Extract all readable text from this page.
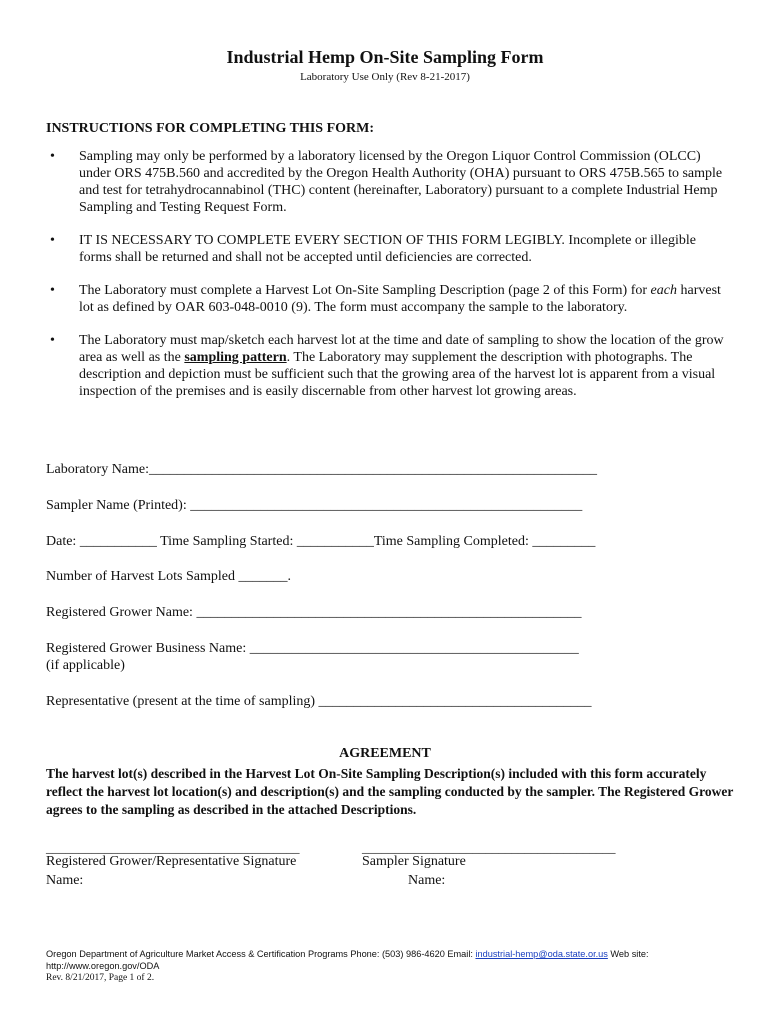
Industrial Hemp On-Site Sampling Form
Laboratory Use Only (Rev 8-21-2017)
INSTRUCTIONS FOR COMPLETING THIS FORM:
•	Sampling may only be performed by a laboratory licensed by the Oregon Liquor Control Commission (OLCC) under ORS 475B.560 and accredited by the Oregon Health Authority (OHA) pursuant to ORS 475B.565 to sample and test for tetrahydrocannabinol (THC) content (hereinafter, Laboratory) pursuant to a complete Industrial Hemp Sampling and Testing Request Form.
•	IT IS NECESSARY TO COMPLETE EVERY SECTION OF THIS FORM LEGIBLY. Incomplete or illegible forms shall be returned and shall not be accepted until deficiencies are corrected.
•	The Laboratory must complete a Harvest Lot On-Site Sampling Description (page 2 of this Form) for each harvest lot as defined by OAR 603-048-0010 (9). The form must accompany the sample to the laboratory.
•	The Laboratory must map/sketch each harvest lot at the time and date of sampling to show the location of the grow area as well as the sampling pattern. The Laboratory may supplement the description with photographs. The description and depiction must be sufficient such that the growing area of the harvest lot is apparent from a visual inspection of the premises and is easily discernable from other harvest lot growing areas.
Laboratory Name:________________________________________________________________
Sampler Name (Printed): ________________________________________________________
Date: ___________ Time Sampling Started: ___________Time Sampling Completed: _________
Number of Harvest Lots Sampled _______.
Registered Grower Name: _______________________________________________________
Registered Grower Business Name: _______________________________________________
(if applicable)
Representative (present at the time of sampling) _______________________________________
AGREEMENT
The harvest lot(s) described in the Harvest Lot On-Site Sampling Description(s) included with this form accurately reflect the harvest lot location(s) and description(s) and the sampling conducted by the sampler. The Registered Grower agrees to the sampling as described in the attached Descriptions.
_______________________________________
Registered Grower/Representative Signature
Name:
_______________________________________
Sampler Signature
Name:
Oregon Department of Agriculture Market Access & Certification Programs Phone: (503) 986-4620 Email: industrial-hemp@oda.state.or.us Web site:
http://www.oregon.gov/ODA
Rev. 8/21/2017, Page 1 of 2.
